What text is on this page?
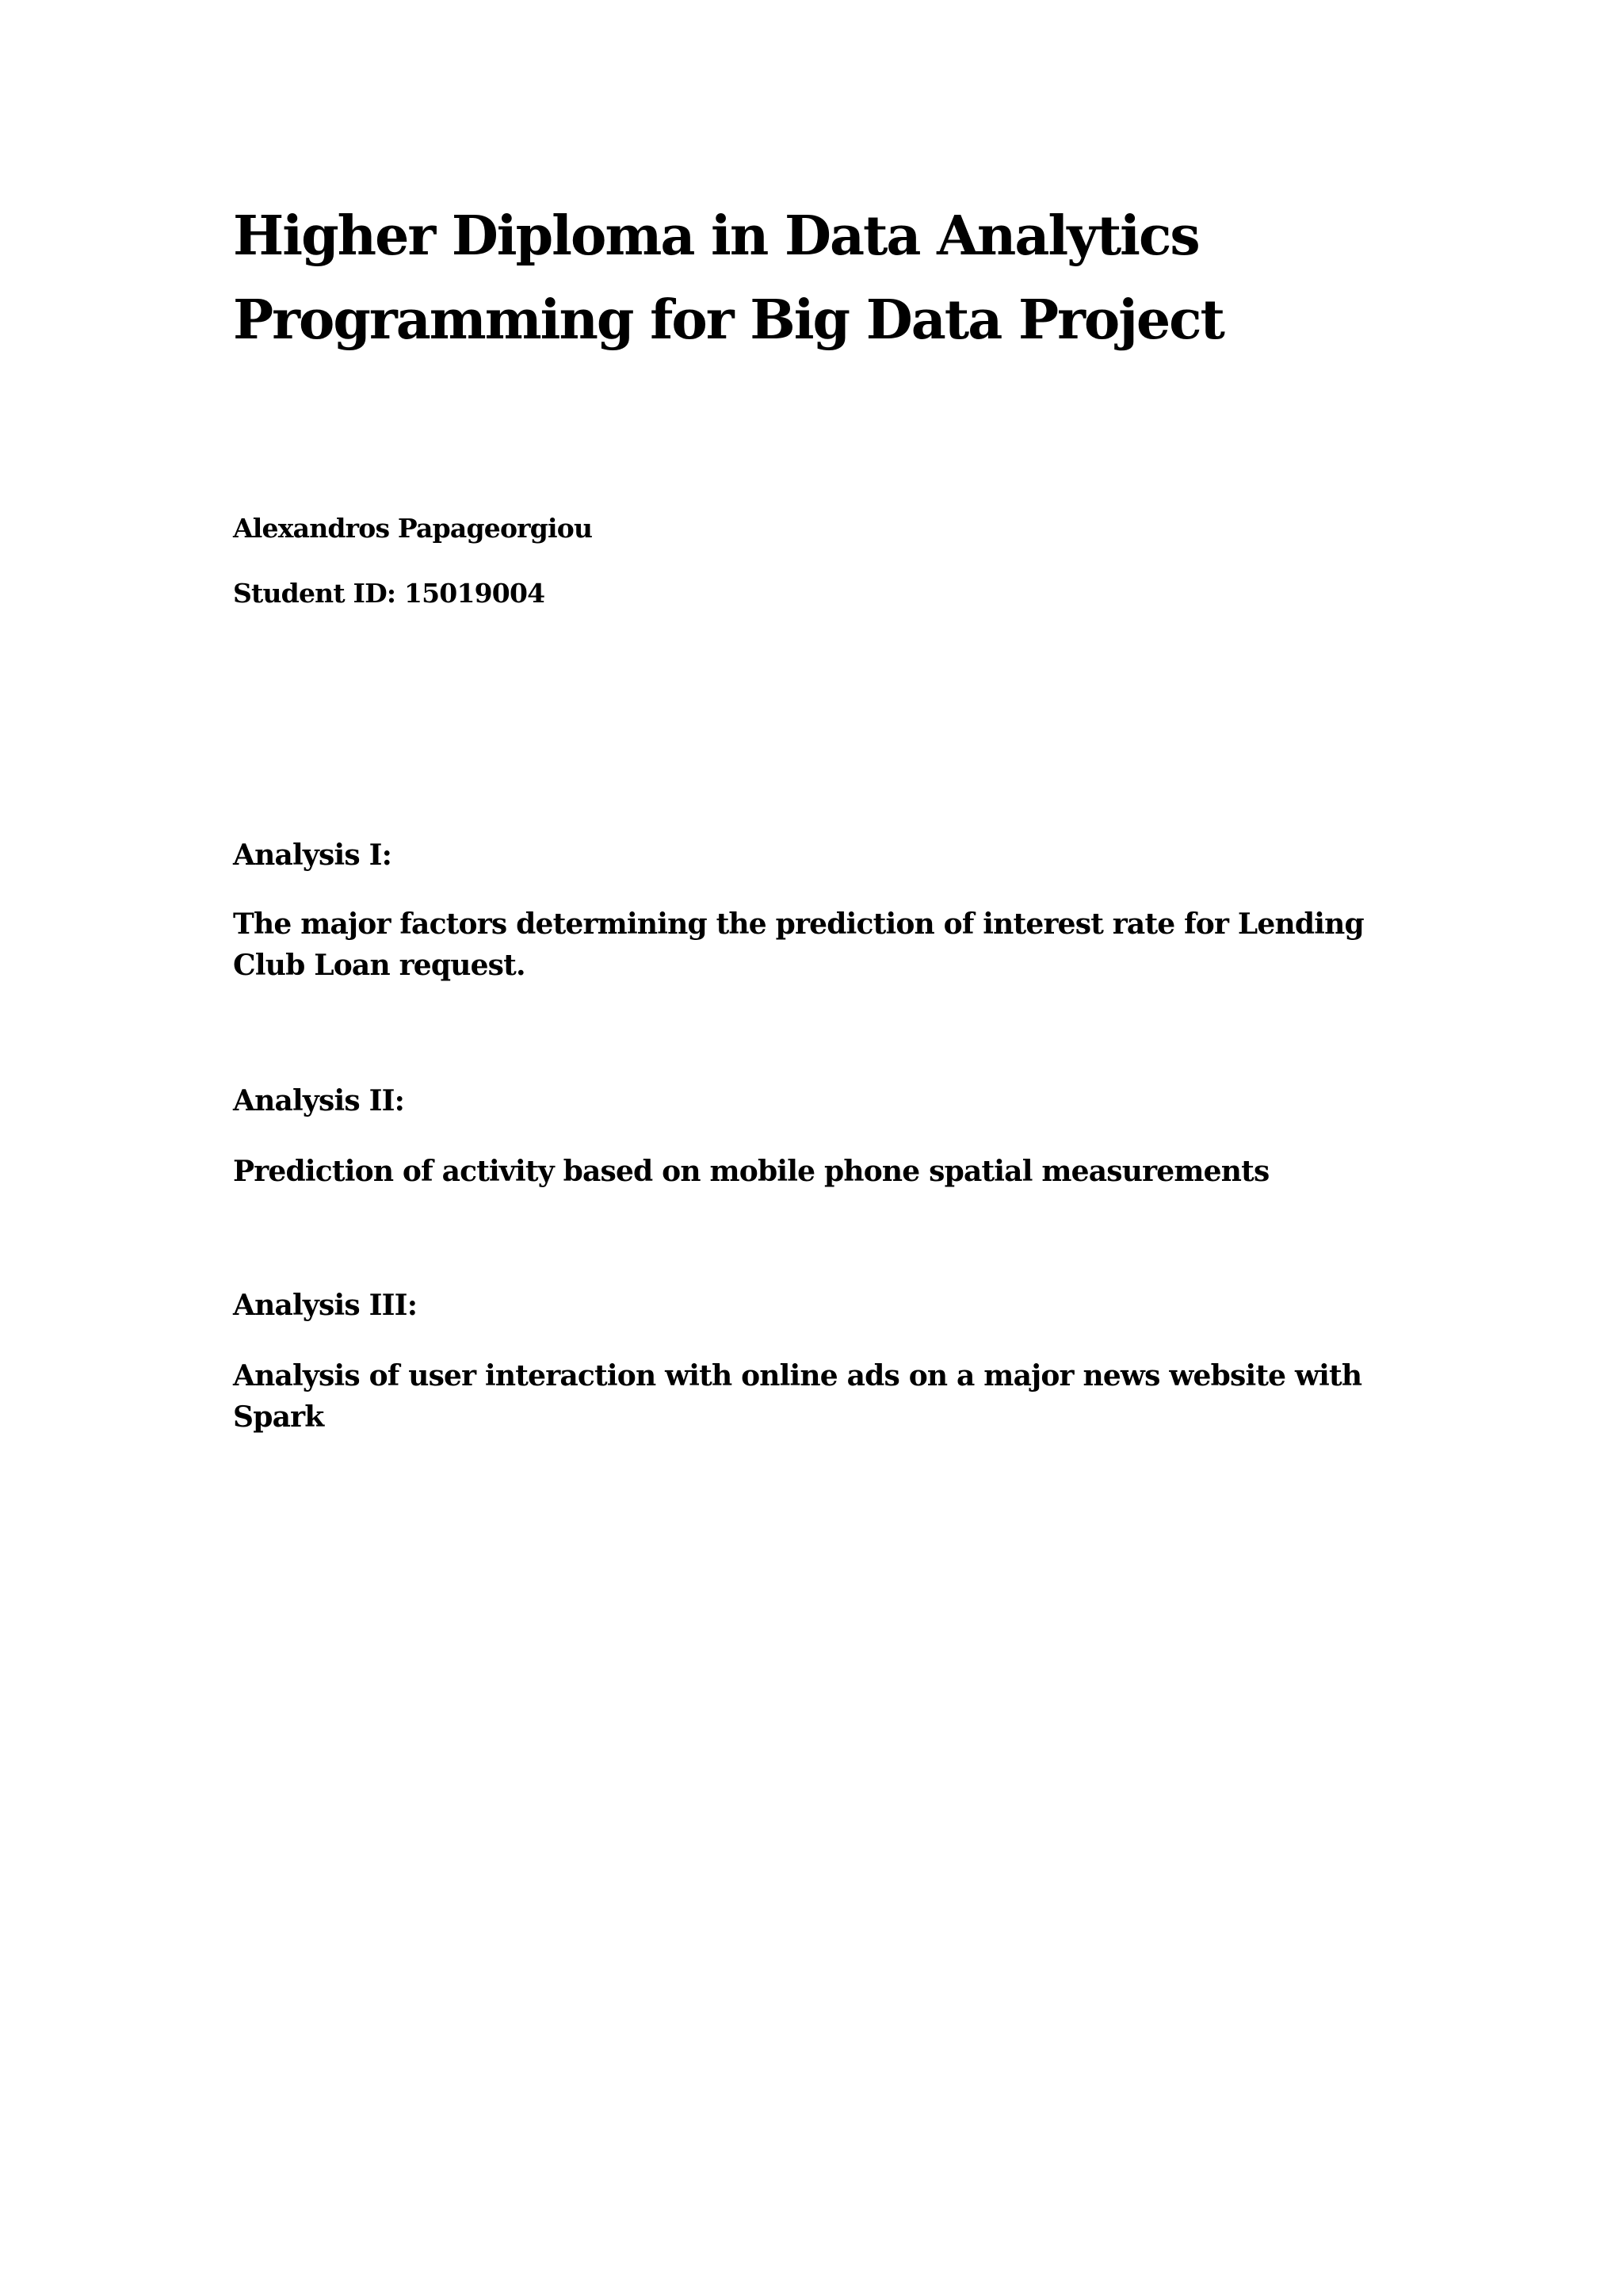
Higher Diploma in Data Analytics
Programming for Big Data Project

Alexandros Papageorgiou

Student ID: 15019004

Analysis I:

The major factors determining the prediction of interest rate for Lending Club Loan request.

Analysis II:

Prediction of activity based on mobile phone spatial measurements

Analysis III:

Analysis of user interaction with online ads on a major news website with Spark
